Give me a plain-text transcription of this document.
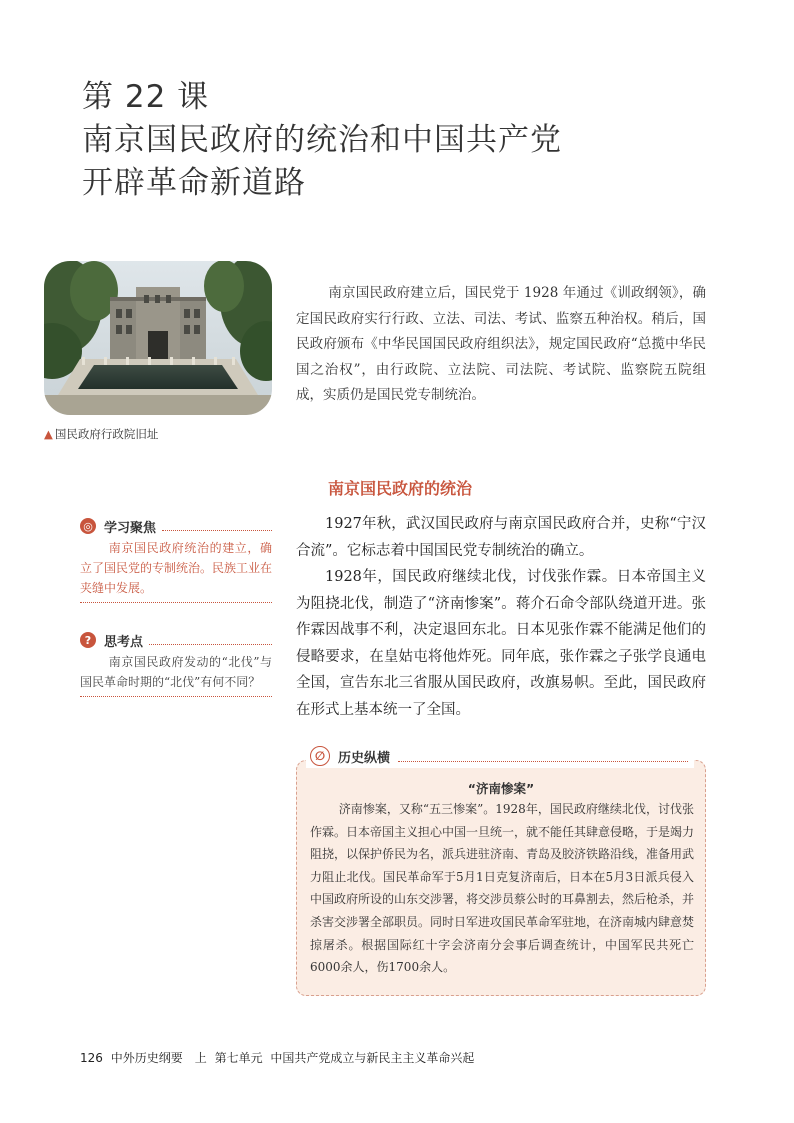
第 22 课
南京国民政府的统治和中国共产党
开辟革命新道路
▲ 国民政府行政院旧址

南京国民政府建立后，国民党于 1928 年通过《训政纲领》，确定国民政府实行行政、立法、司法、考试、监察五种治权。稍后，国民政府颁布《中华民国国民政府组织法》，规定国民政府“总揽中华民国之治权”，由行政院、立法院、司法院、考试院、监察院五院组成，实质仍是国民党专制统治。

南京国民政府的统治

1927年秋，武汉国民政府与南京国民政府合并，史称“宁汉合流”。它标志着中国国民党专制统治的确立。

1928年，国民政府继续北伐，讨伐张作霖。日本帝国主义为阻挠北伐，制造了“济南惨案”。蒋介石命令部队绕道开进。张作霖因战事不利，决定退回东北。日本见张作霖不能满足他们的侵略要求，在皇姑屯将他炸死。同年底，张作霖之子张学良通电全国，宣告东北三省服从国民政府，改旗易帜。至此，国民政府在形式上基本统一了全国。

◎ 学习聚焦
南京国民政府统治的建立，确立了国民党的专制统治。民族工业在夹缝中发展。
? 思考点
南京国民政府发动的“北伐”与国民革命时期的“北伐”有何不同？
∅ 历史纵横
“济南惨案”

济南惨案，又称“五三惨案”。1928年，国民政府继续北伐，讨伐张作霖。日本帝国主义担心中国一旦统一，就不能任其肆意侵略，于是竭力阻挠，以保护侨民为名，派兵进驻济南、青岛及胶济铁路沿线，准备用武力阻止北伐。国民革命军于5月1日克复济南后，日本在5月3日派兵侵入中国政府所设的山东交涉署，将交涉员蔡公时的耳鼻割去，然后枪杀，并杀害交涉署全部职员。同时日军进攻国民革命军驻地，在济南城内肆意焚掠屠杀。根据国际红十字会济南分会事后调查统计，中国军民共死亡6000余人，伤1700余人。

126 中外历史纲要　上 第七单元 中国共产党成立与新民主主义革命兴起
